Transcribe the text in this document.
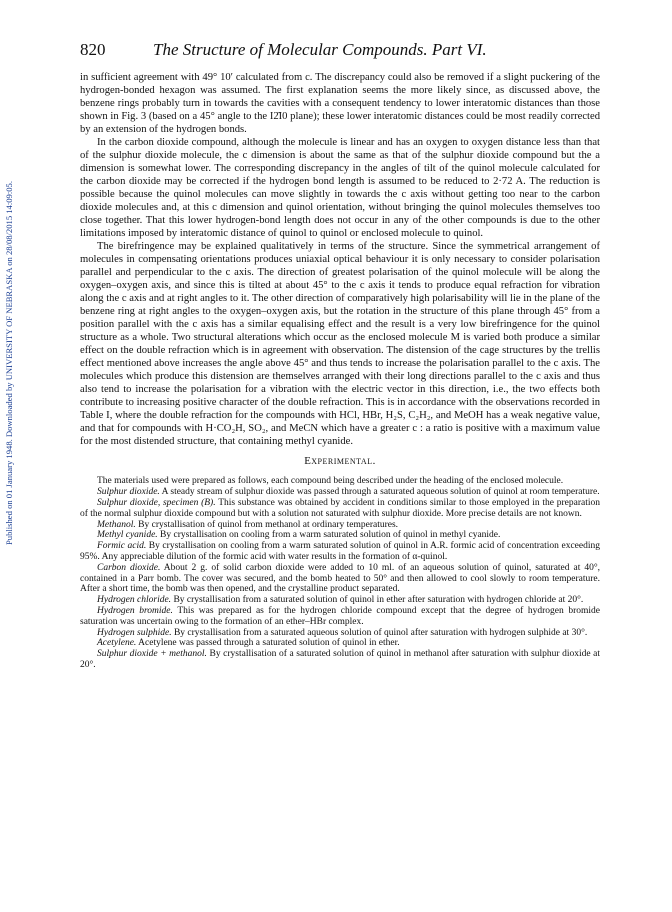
Published on 01 January 1948. Downloaded by UNIVERSITY OF NEBRASKA on 28/08/2015 14:09:05.
820	The Structure of Molecular Compounds. Part VI.

in sufficient agreement with 49° 10′ calculated from c. The discrepancy could also be removed if a slight puckering of the hydrogen-bonded hexagon was assumed. The first explanation seems the more likely since, as discussed above, the benzene rings probably turn in towards the cavities with a consequent tendency to lower interatomic distances than those shown in Fig. 3 (based on a 45° angle to the I2̄I0 plane); these lower interatomic distances could be most readily corrected by an extension of the hydrogen bonds.

In the carbon dioxide compound, although the molecule is linear and has an oxygen to oxygen distance less than that of the sulphur dioxide molecule, the c dimension is about the same as that of the sulphur dioxide compound but the a dimension is somewhat lower. The corresponding discrepancy in the angles of tilt of the quinol molecule calculated for the carbon dioxide may be corrected if the hydrogen bond length is assumed to be reduced to 2·72 A. The reduction is possible because the quinol molecules can move slightly in towards the c axis without getting too near to the carbon dioxide molecules and, at this c dimension and quinol orientation, without bringing the quinol molecules themselves too close together. That this lower hydrogen-bond length does not occur in any of the other compounds is due to the other limitations imposed by interatomic distance of quinol to quinol or enclosed molecule to quinol.

The birefringence may be explained qualitatively in terms of the structure. Since the symmetrical arrangement of molecules in compensating orientations produces uniaxial optical behaviour it is only necessary to consider polarisation parallel and perpendicular to the c axis. The direction of greatest polarisation of the quinol molecule will be along the oxygen–oxygen axis, and since this is tilted at about 45° to the c axis it tends to produce equal refraction for vibration along the c axis and at right angles to it. The other direction of comparatively high polarisability will lie in the plane of the benzene ring at right angles to the oxygen–oxygen axis, but the rotation in the structure of this plane through 45° from a position parallel with the c axis has a similar equalising effect and the result is a very low birefringence for the quinol structure as a whole. Two structural alterations which occur as the enclosed molecule M is varied both produce a similar effect on the double refraction which is in agreement with observation. The distension of the cage structures by the trellis effect mentioned above increases the angle above 45° and thus tends to increase the polarisation parallel to the c axis. The molecules which produce this distension are themselves arranged with their long directions parallel to the c axis and thus also tend to increase the polarisation for a vibration with the electric vector in this direction, i.e., the two effects both contribute to increasing positive character of the double refraction. This is in accordance with the observations recorded in Table I, where the double refraction for the compounds with HCl, HBr, H₂S, C₂H₂, and MeOH has a weak negative value, and that for compounds with H·CO₂H, SO₂, and MeCN which have a greater c : a ratio is positive with a maximum value for the most distended structure, that containing methyl cyanide.

Experimental.

The materials used were prepared as follows, each compound being described under the heading of the enclosed molecule.

Sulphur dioxide. A steady stream of sulphur dioxide was passed through a saturated aqueous solution of quinol at room temperature.

Sulphur dioxide, specimen (B). This substance was obtained by accident in conditions similar to those employed in the preparation of the normal sulphur dioxide compound but with a solution not saturated with sulphur dioxide. More precise details are not known.

Methanol. By crystallisation of quinol from methanol at ordinary temperatures.

Methyl cyanide. By crystallisation on cooling from a warm saturated solution of quinol in methyl cyanide.

Formic acid. By crystallisation on cooling from a warm saturated solution of quinol in A.R. formic acid of concentration exceeding 95%. Any appreciable dilution of the formic acid with water results in the formation of α-quinol.

Carbon dioxide. About 2 g. of solid carbon dioxide were added to 10 ml. of an aqueous solution of quinol, saturated at 40°, contained in a Parr bomb. The cover was secured, and the bomb heated to 50° and then allowed to cool slowly to room temperature. After a short time, the bomb was then opened, and the crystalline product separated.

Hydrogen chloride. By crystallisation from a saturated solution of quinol in ether after saturation with hydrogen chloride at 20°.

Hydrogen bromide. This was prepared as for the hydrogen chloride compound except that the degree of hydrogen bromide saturation was uncertain owing to the formation of an ether–HBr complex.

Hydrogen sulphide. By crystallisation from a saturated aqueous solution of quinol after saturation with hydrogen sulphide at 30°.

Acetylene. Acetylene was passed through a saturated solution of quinol in ether.

Sulphur dioxide + methanol. By crystallisation of a saturated solution of quinol in methanol after saturation with sulphur dioxide at 20°.
